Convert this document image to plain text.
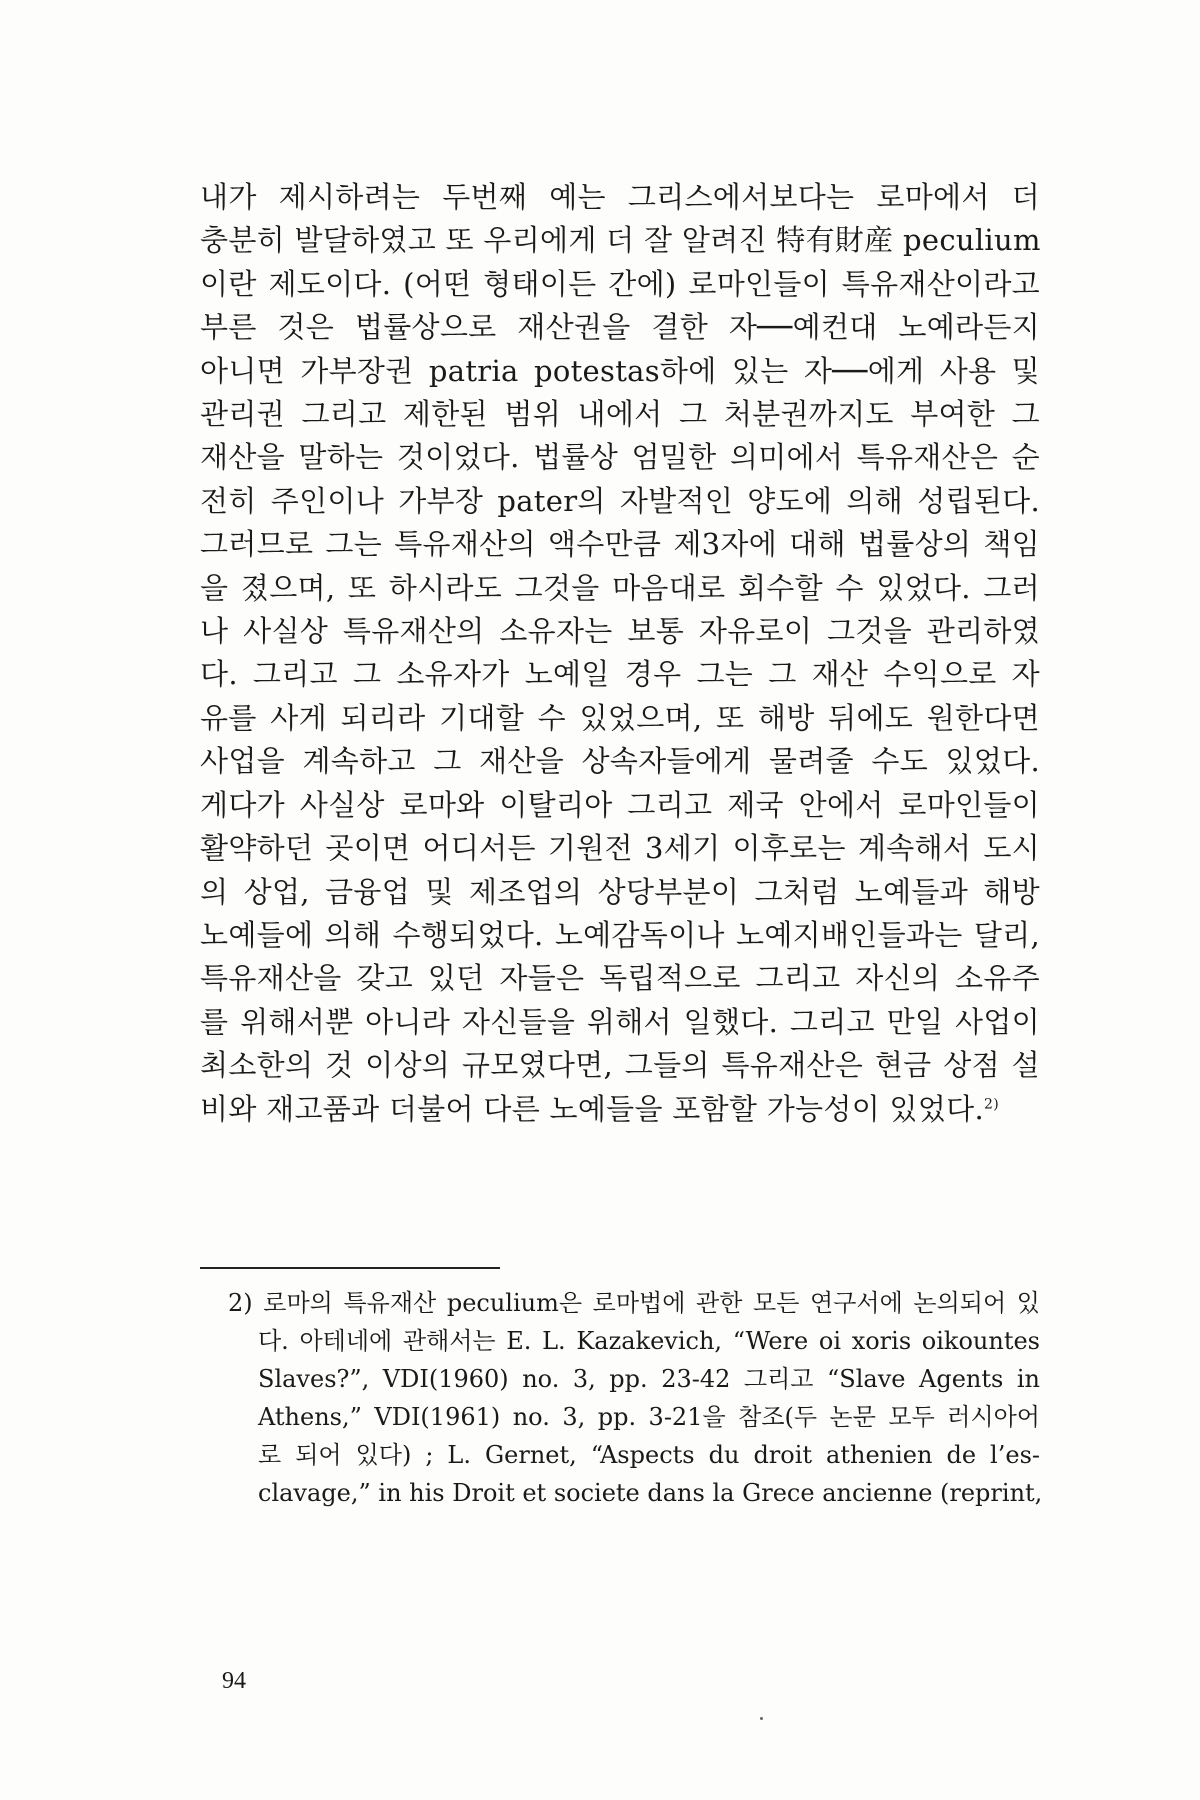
내가 제시하려는 두번째 예는 그리스에서보다는 로마에서 더
충분히 발달하였고 또 우리에게 더 잘 알려진 特有財産 peculium
이란 제도이다. (어떤 형태이든 간에) 로마인들이 특유재산이라고
부른 것은 법률상으로 재산권을 결한 자──예컨대 노예라든지
아니면 가부장권 patria potestas하에 있는 자──에게 사용 및
관리권 그리고 제한된 범위 내에서 그 처분권까지도 부여한 그
재산을 말하는 것이었다. 법률상 엄밀한 의미에서 특유재산은 순
전히 주인이나 가부장 pater의 자발적인 양도에 의해 성립된다.
그러므로 그는 특유재산의 액수만큼 제3자에 대해 법률상의 책임
을 졌으며, 또 하시라도 그것을 마음대로 회수할 수 있었다. 그러
나 사실상 특유재산의 소유자는 보통 자유로이 그것을 관리하였
다. 그리고 그 소유자가 노예일 경우 그는 그 재산 수익으로 자
유를 사게 되리라 기대할 수 있었으며, 또 해방 뒤에도 원한다면
사업을 계속하고 그 재산을 상속자들에게 물려줄 수도 있었다.
게다가 사실상 로마와 이탈리아 그리고 제국 안에서 로마인들이
활약하던 곳이면 어디서든 기원전 3세기 이후로는 계속해서 도시
의 상업, 금융업 및 제조업의 상당부분이 그처럼 노예들과 해방
노예들에 의해 수행되었다. 노예감독이나 노예지배인들과는 달리,
특유재산을 갖고 있던 자들은 독립적으로 그리고 자신의 소유주
를 위해서뿐 아니라 자신들을 위해서 일했다. 그리고 만일 사업이
최소한의 것 이상의 규모였다면, 그들의 특유재산은 현금 상점 설
비와 재고품과 더불어 다른 노예들을 포함할 가능성이 있었다.$^{2)}$
2) 로마의 특유재산 peculium은 로마법에 관한 모든 연구서에 논의되어 있
다. 아테네에 관해서는 E. L. Kazakevich, “Were oi xoris oikountes
Slaves?”, VDI(1960) no. 3, pp. 23-42 그리고 “Slave Agents in
Athens,” VDI(1961) no. 3, pp. 3-21을 참조(두 논문 모두 러시아어
로 되어 있다) ; L. Gernet, “Aspects du droit athenien de l’es-
clavage,” in his Droit et societe dans la Grece ancienne (reprint,
94
